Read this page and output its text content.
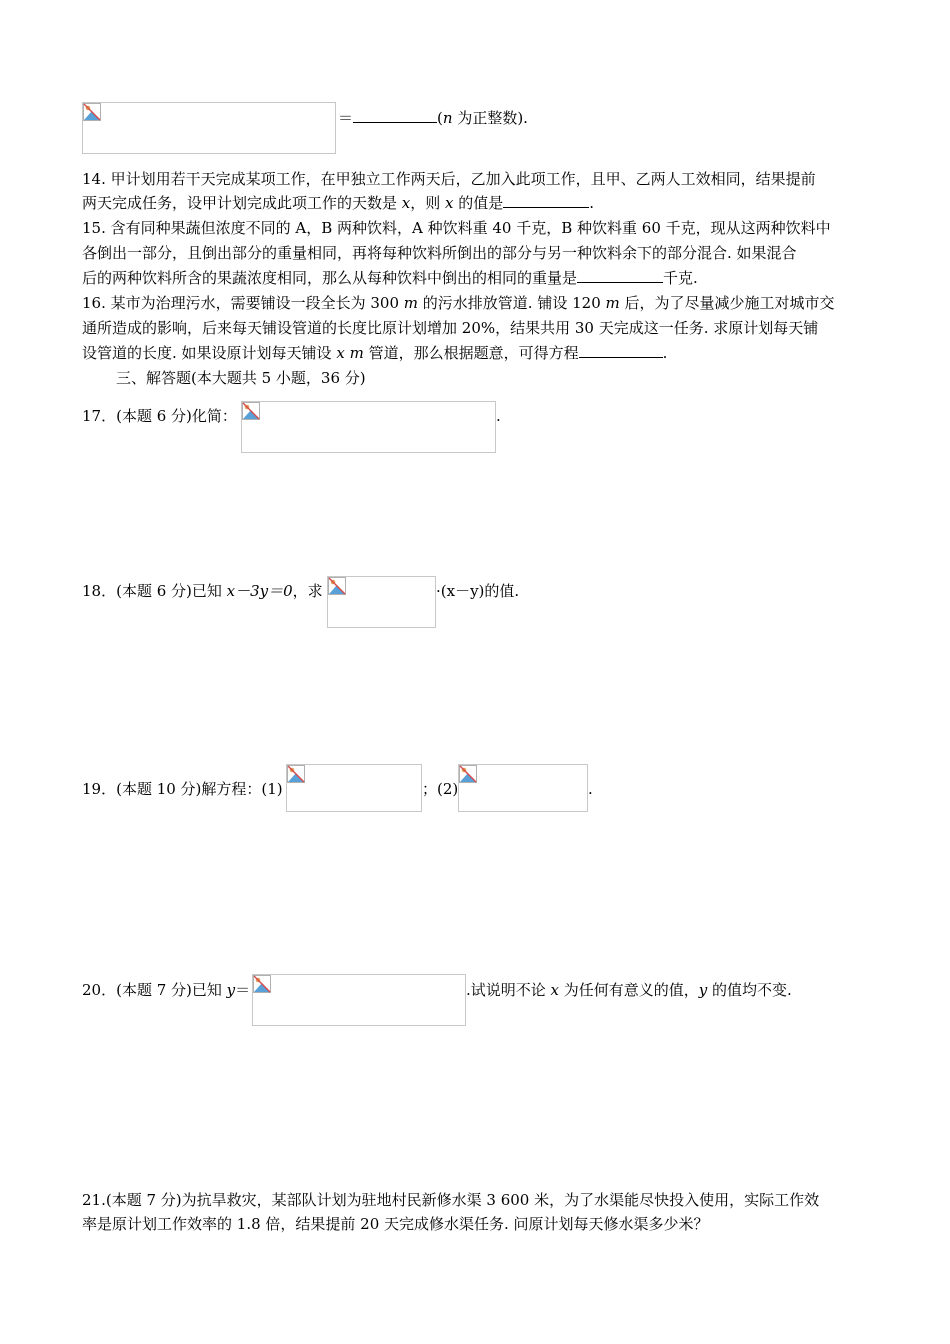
＝	(n 为正整数).
14. 甲计划用若干天完成某项工作，在甲独立工作两天后，乙加入此项工作，且甲、乙两人工效相同，结果提前
两天完成任务，设甲计划完成此项工作的天数是 x，则 x 的值是	.
15. 含有同种果蔬但浓度不同的 A，B 两种饮料，A 种饮料重 40 千克，B 种饮料重 60 千克，现从这两种饮料中
各倒出一部分，且倒出部分的重量相同，再将每种饮料所倒出的部分与另一种饮料余下的部分混合. 如果混合
后的两种饮料所含的果蔬浓度相同，那么从每种饮料中倒出的相同的重量是	千克.
16. 某市为治理污水，需要铺设一段全长为 300 m 的污水排放管道. 铺设 120 m 后，为了尽量减少施工对城市交
通所造成的影响，后来每天铺设管道的长度比原计划增加 20%，结果共用 30 天完成这一任务. 求原计划每天铺
设管道的长度. 如果设原计划每天铺设 x m 管道，那么根据题意，可得方程	.
三、解答题(本大题共 5 小题，36 分)
17．(本题 6 分)化简：	.
18．(本题 6 分)已知 x－3y＝0，求	·(x－y)的值.
19．(本题 10 分)解方程：(1)	；(2)	.
20．(本题 7 分)已知 y＝	.试说明不论 x 为任何有意义的值，y 的值均不变.
21.(本题 7 分)为抗旱救灾，某部队计划为驻地村民新修水渠 3 600 米，为了水渠能尽快投入使用，实际工作效
率是原计划工作效率的 1.8 倍，结果提前 20 天完成修水渠任务. 问原计划每天修水渠多少米？
